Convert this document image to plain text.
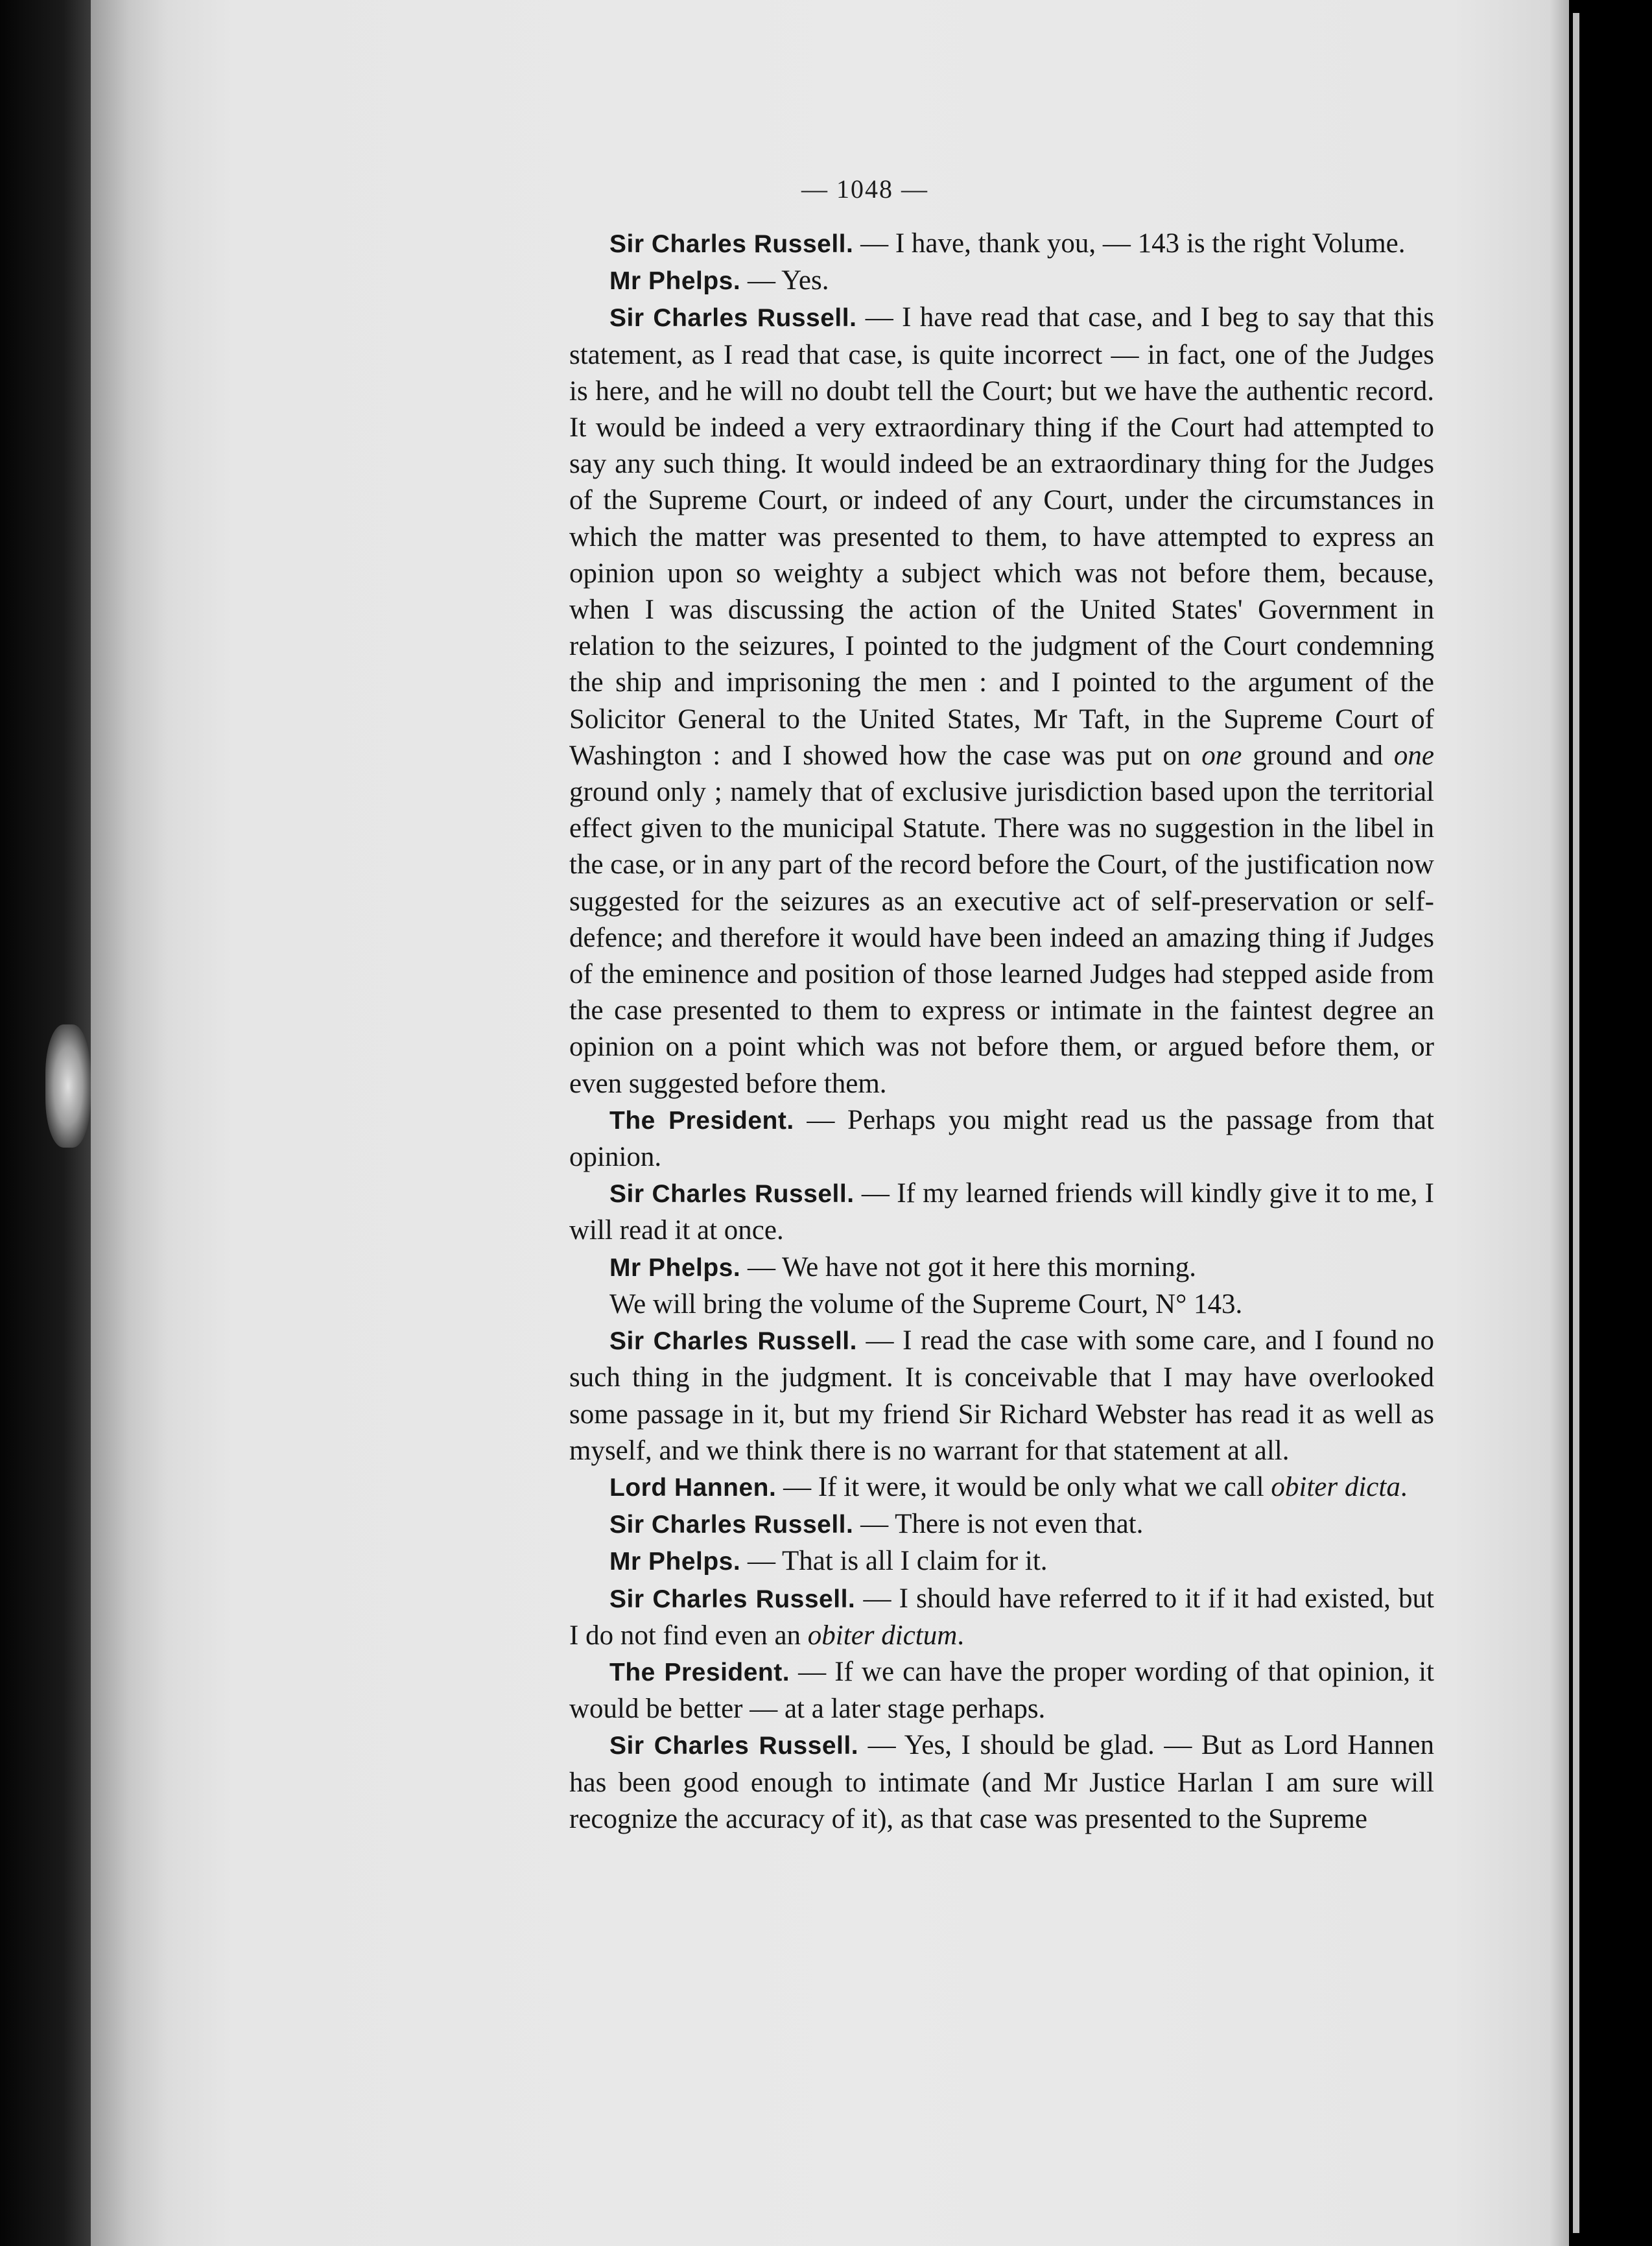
— 1048 —

Sir Charles Russell. — I have, thank you, — 143 is the right Volume.

Mr Phelps. — Yes.

Sir Charles Russell. — I have read that case, and I beg to say that this statement, as I read that case, is quite incorrect — in fact, one of the Judges is here, and he will no doubt tell the Court; but we have the authentic record. It would be indeed a very extraordinary thing if the Court had attempted to say any such thing. It would indeed be an extraordinary thing for the Judges of the Supreme Court, or indeed of any Court, under the circumstances in which the matter was presented to them, to have attempted to express an opinion upon so weighty a subject which was not before them, because, when I was discussing the action of the United States' Government in relation to the seizures, I pointed to the judgment of the Court condemning the ship and imprisoning the men : and I pointed to the argument of the Solicitor General to the United States, Mr Taft, in the Supreme Court of Washington : and I showed how the case was put on one ground and one ground only ; namely that of exclusive jurisdiction based upon the territorial effect given to the municipal Statute. There was no suggestion in the libel in the case, or in any part of the record before the Court, of the justification now suggested for the seizures as an executive act of self-preservation or self-defence; and therefore it would have been indeed an amazing thing if Judges of the eminence and position of those learned Judges had stepped aside from the case presented to them to express or intimate in the faintest degree an opinion on a point which was not before them, or argued before them, or even suggested before them.

The President. — Perhaps you might read us the passage from that opinion.

Sir Charles Russell. — If my learned friends will kindly give it to me, I will read it at once.

Mr Phelps. — We have not got it here this morning.

We will bring the volume of the Supreme Court, N° 143.

Sir Charles Russell. — I read the case with some care, and I found no such thing in the judgment. It is conceivable that I may have overlooked some passage in it, but my friend Sir Richard Webster has read it as well as myself, and we think there is no warrant for that statement at all.

Lord Hannen. — If it were, it would be only what we call obiter dicta.

Sir Charles Russell. — There is not even that.

Mr Phelps. — That is all I claim for it.

Sir Charles Russell. — I should have referred to it if it had existed, but I do not find even an obiter dictum.

The President. — If we can have the proper wording of that opinion, it would be better — at a later stage perhaps.

Sir Charles Russell. — Yes, I should be glad. — But as Lord Hannen has been good enough to intimate (and Mr Justice Harlan I am sure will recognize the accuracy of it), as that case was presented to the Supreme
